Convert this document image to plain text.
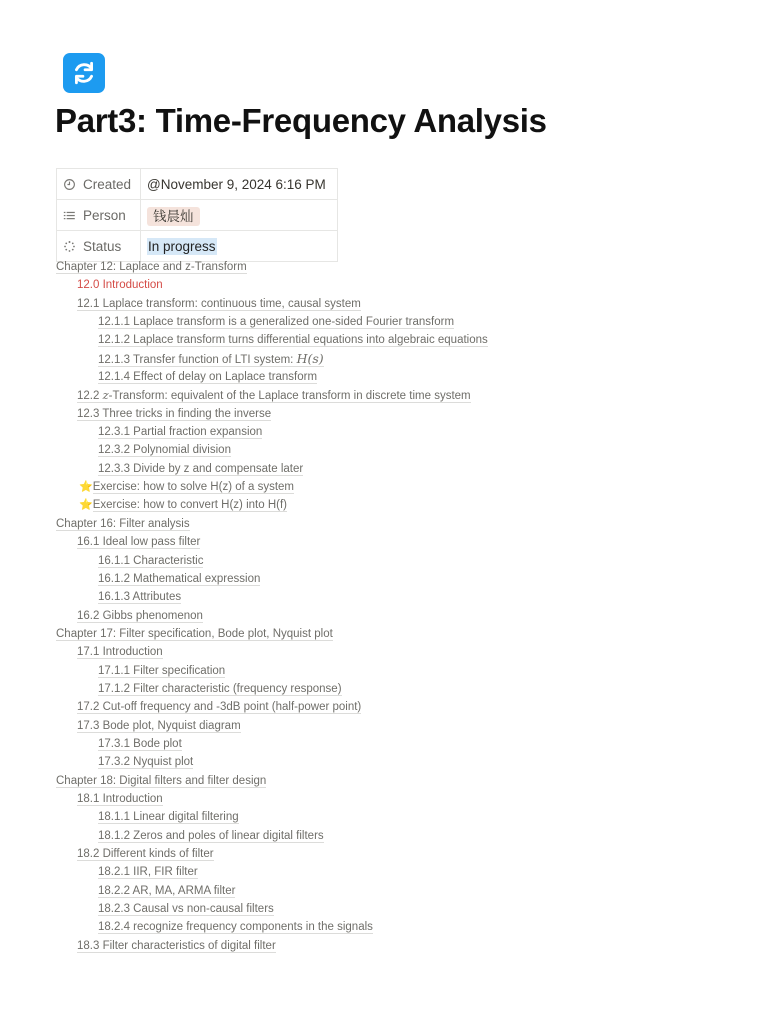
Part3: Time-Frequency Analysis
Created	@November 9, 2024 6:16 PM

Person	钱晨灿

Status	In progress
Chapter 12: Laplace and z-Transform
12.0 Introduction
12.1 Laplace transform: continuous time, causal system
12.1.1 Laplace transform is a generalized one-sided Fourier transform
12.1.2 Laplace transform turns differential equations into algebraic equations
12.1.3 Transfer function of LTI system: H(s)
12.1.4 Effect of delay on Laplace transform
12.2 z-Transform: equivalent of the Laplace transform in discrete time system
12.3 Three tricks in finding the inverse
12.3.1 Partial fraction expansion
12.3.2 Polynomial division
12.3.3 Divide by z and compensate later
⭐Exercise: how to solve H(z) of a system
⭐Exercise: how to convert H(z) into H(f)
Chapter 16: Filter analysis
16.1 Ideal low pass filter
16.1.1 Characteristic
16.1.2 Mathematical expression
16.1.3 Attributes
16.2 Gibbs phenomenon
Chapter 17: Filter specification, Bode plot, Nyquist plot
17.1 Introduction
17.1.1 Filter specification
17.1.2 Filter characteristic (frequency response)
17.2 Cut-off frequency and -3dB point (half-power point)
17.3 Bode plot, Nyquist diagram
17.3.1 Bode plot
17.3.2 Nyquist plot
Chapter 18: Digital filters and filter design
18.1 Introduction
18.1.1 Linear digital filtering
18.1.2 Zeros and poles of linear digital filters
18.2 Different kinds of filter
18.2.1 IIR, FIR filter
18.2.2 AR, MA, ARMA filter
18.2.3 Causal vs non-causal filters
18.2.4 recognize frequency components in the signals
18.3 Filter characteristics of digital filter
